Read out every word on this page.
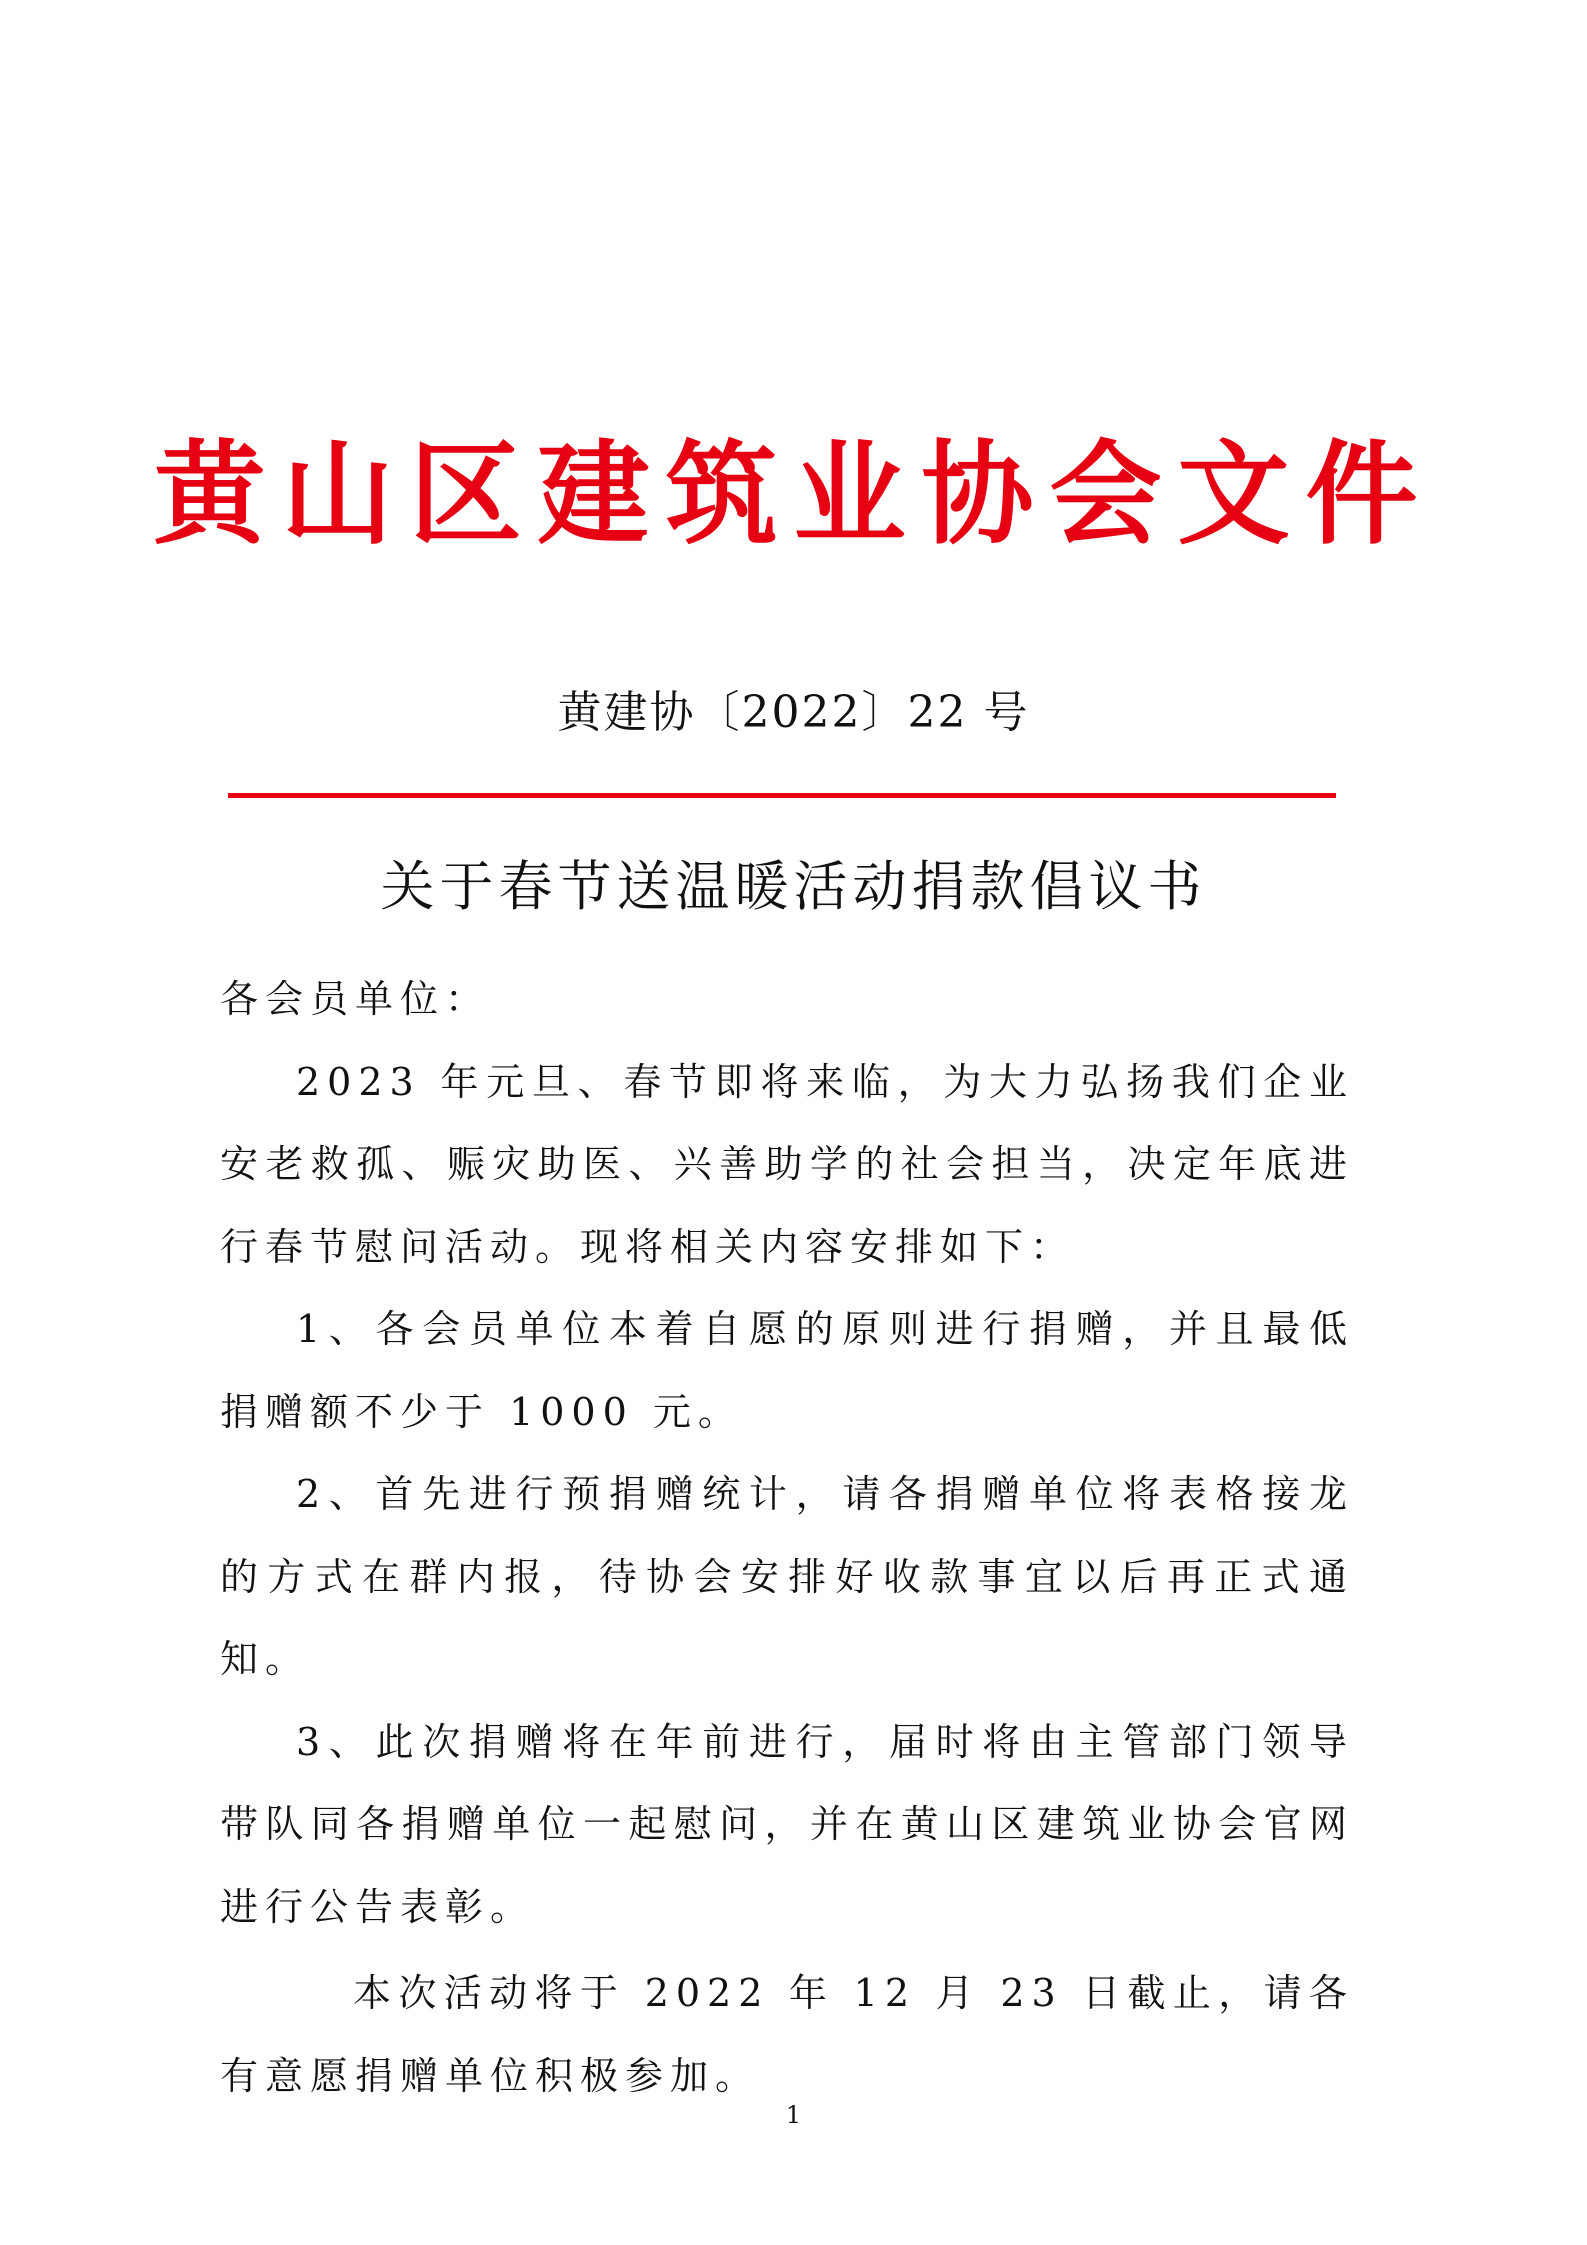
黄山区建筑业协会文件
黄建协〔2022〕22 号
关于春节送温暖活动捐款倡议书

各会员单位：

2023 年元旦、春节即将来临，为大力弘扬我们企业安老救孤、赈灾助医、兴善助学的社会担当，决定年底进行春节慰问活动。现将相关内容安排如下：

1、各会员单位本着自愿的原则进行捐赠，并且最低捐赠额不少于 1000 元。

2、首先进行预捐赠统计，请各捐赠单位将表格接龙的方式在群内报，待协会安排好收款事宜以后再正式通知。

3、此次捐赠将在年前进行，届时将由主管部门领导带队同各捐赠单位一起慰问，并在黄山区建筑业协会官网进行公告表彰。

本次活动将于 2022 年 12 月 23 日截止，请各有意愿捐赠单位积极参加。

1
